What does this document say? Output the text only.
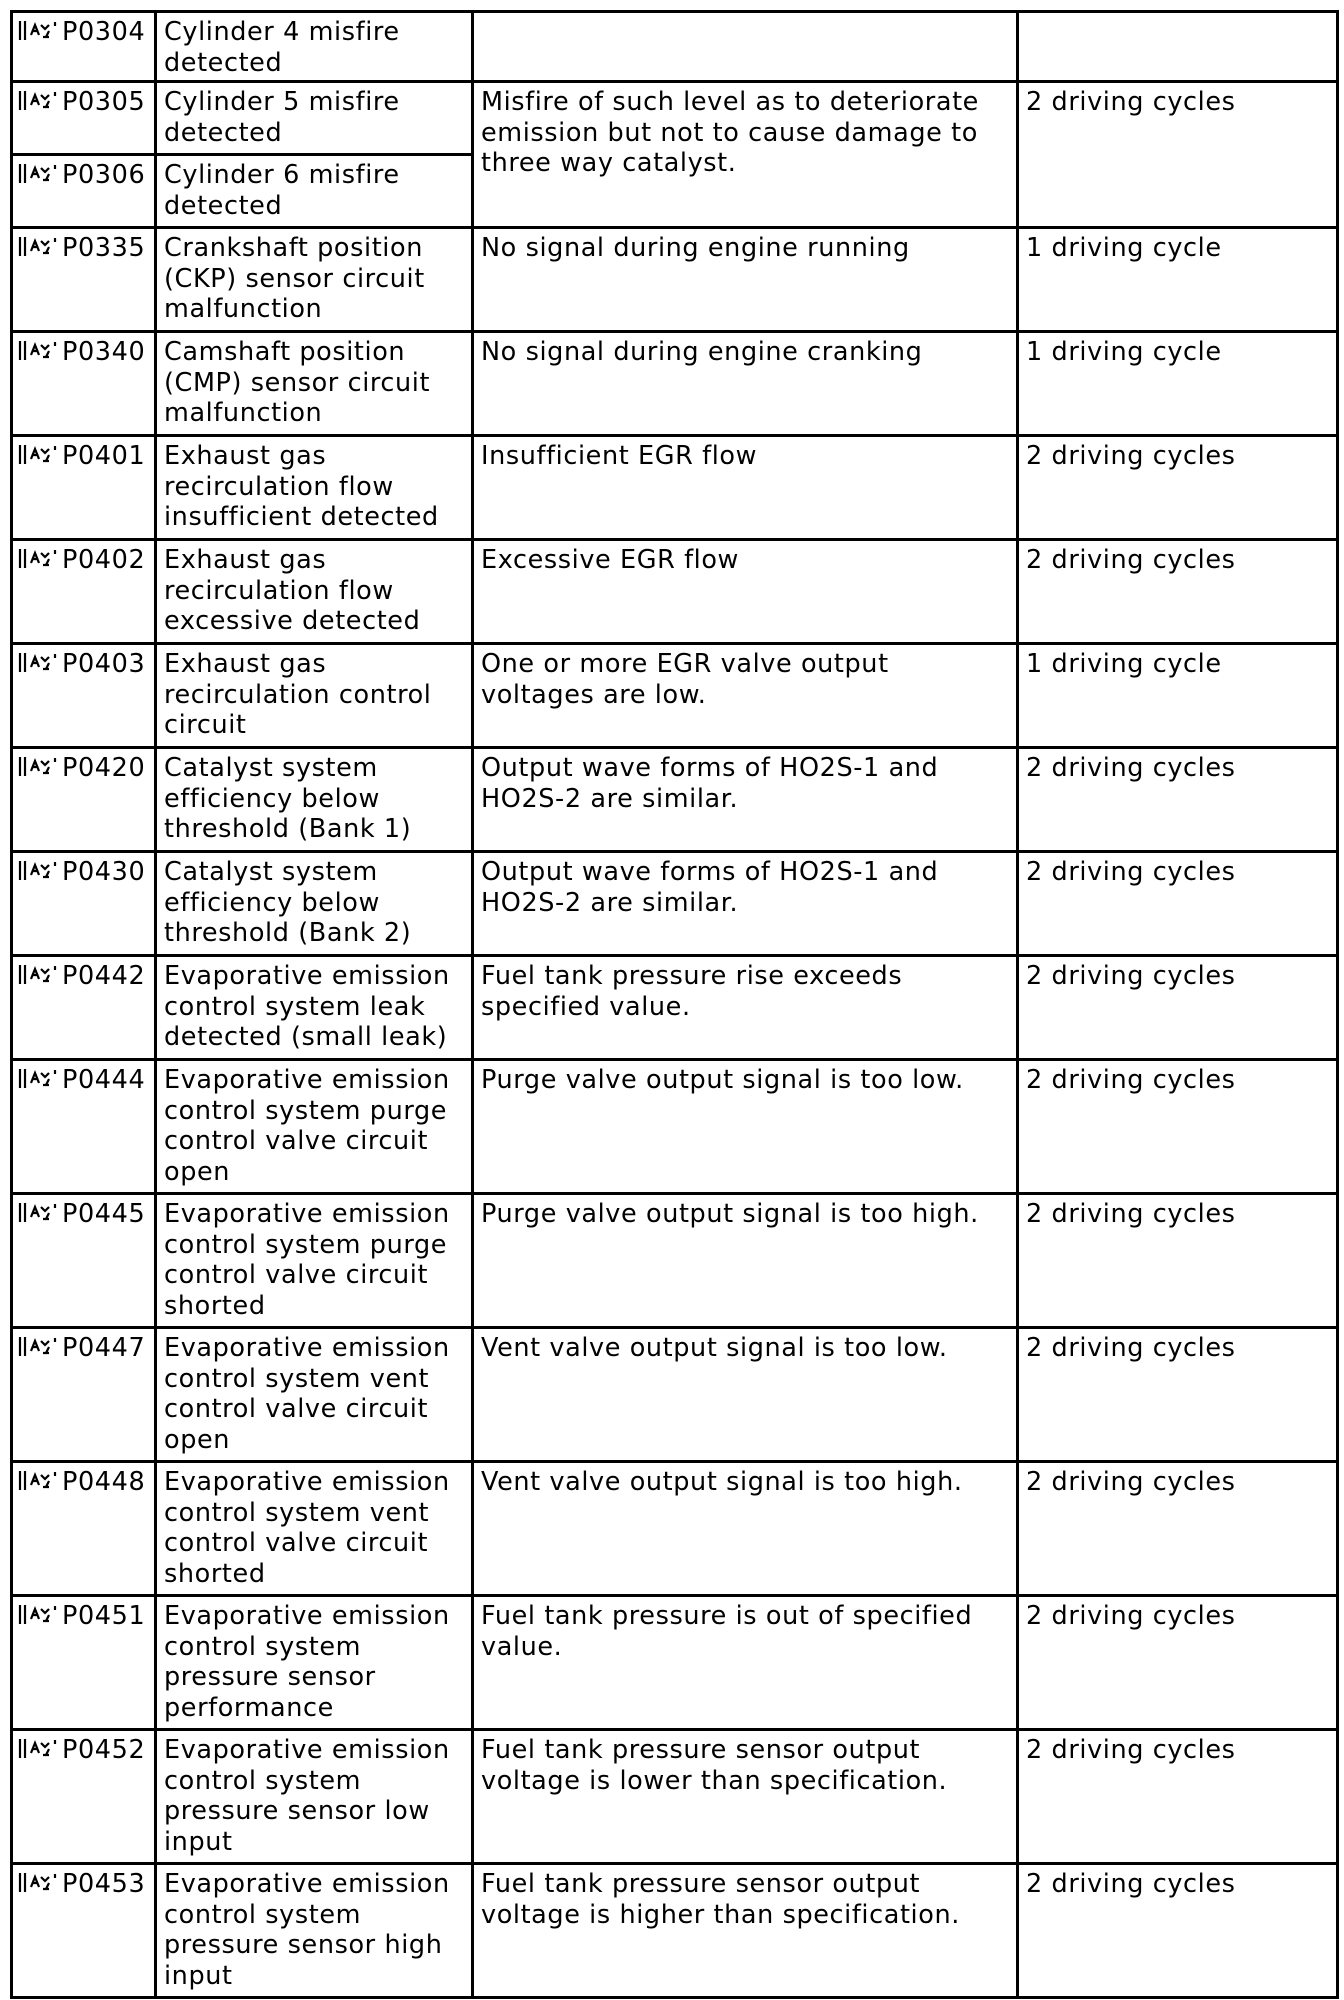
P0304	Cylinder 4 misfire detected		

P0305	Cylinder 5 misfire detected	Misfire of such level as to deteriorate emission but not to cause damage to three way catalyst.	2 driving cycles

P0306	Cylinder 6 misfire detected		

P0335	Crankshaft position (CKP) sensor circuit malfunction	No signal during engine running	1 driving cycle

P0340	Camshaft position (CMP) sensor circuit malfunction	No signal during engine cranking	1 driving cycle

P0401	Exhaust gas recirculation flow insufficient detected	Insufficient EGR flow	2 driving cycles

P0402	Exhaust gas recirculation flow excessive detected	Excessive EGR flow	2 driving cycles

P0403	Exhaust gas recirculation control circuit	One or more EGR valve output voltages are low.	1 driving cycle

P0420	Catalyst system efficiency below threshold (Bank 1)	Output wave forms of HO2S-1 and HO2S-2 are similar.	2 driving cycles

P0430	Catalyst system efficiency below threshold (Bank 2)	Output wave forms of HO2S-1 and HO2S-2 are similar.	2 driving cycles

P0442	Evaporative emission control system leak detected (small leak)	Fuel tank pressure rise exceeds specified value.	2 driving cycles

P0444	Evaporative emission control system purge control valve circuit open	Purge valve output signal is too low.	2 driving cycles

P0445	Evaporative emission control system purge control valve circuit shorted	Purge valve output signal is too high.	2 driving cycles

P0447	Evaporative emission control system vent control valve circuit open	Vent valve output signal is too low.	2 driving cycles

P0448	Evaporative emission control system vent control valve circuit shorted	Vent valve output signal is too high.	2 driving cycles

P0451	Evaporative emission control system pressure sensor performance	Fuel tank pressure is out of specified value.	2 driving cycles

P0452	Evaporative emission control system pressure sensor low input	Fuel tank pressure sensor output voltage is lower than specification.	2 driving cycles

P0453	Evaporative emission control system pressure sensor high input	Fuel tank pressure sensor output voltage is higher than specification.	2 driving cycles
